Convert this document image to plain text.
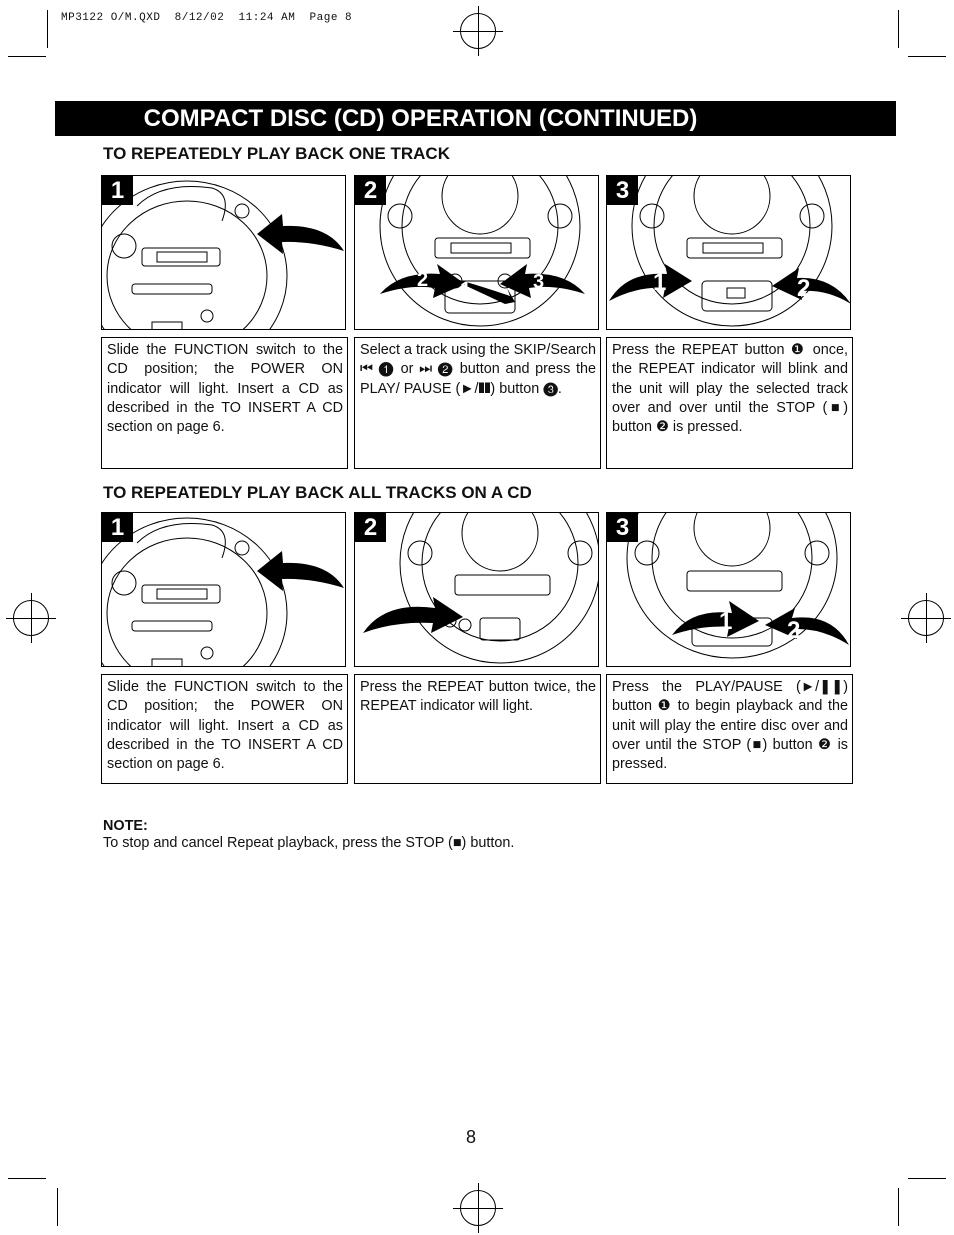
MP3122 O/M.QXD  8/12/02  11:24 AM  Page 8
COMPACT DISC (CD) OPERATION (CONTINUED)
TO REPEATEDLY PLAY BACK ONE TRACK
1	2
2 1	3
3
1	2
Slide the FUNCTION switch to the CD position; the POWER ON indicator will light. Insert a CD as described in the TO INSERT A CD section on page 6.
Select a track using the SKIP/Search ⏮ ❶ or ⏭ ❷ button and press the PLAY/ PAUSE (►/❚❚) button ❸.
Press the REPEAT button ❶ once, the REPEAT indicator will blink and the unit will play the selected track over and over until the STOP (■) button ❷ is pressed.
TO REPEATEDLY PLAY BACK ALL TRACKS ON A CD
1	2	3
1 2
Slide the FUNCTION switch to the CD position; the POWER ON indicator will light. Insert a CD as described in the TO INSERT A CD section on page 6.
Press the REPEAT button twice, the REPEAT indicator will light.
Press the PLAY/PAUSE (►/❚❚) button ❶ to begin playback and the unit will play the entire disc over and over until the STOP (■) button ❷ is pressed.
NOTE:
To stop and cancel Repeat playback, press the STOP (■) button.
8
